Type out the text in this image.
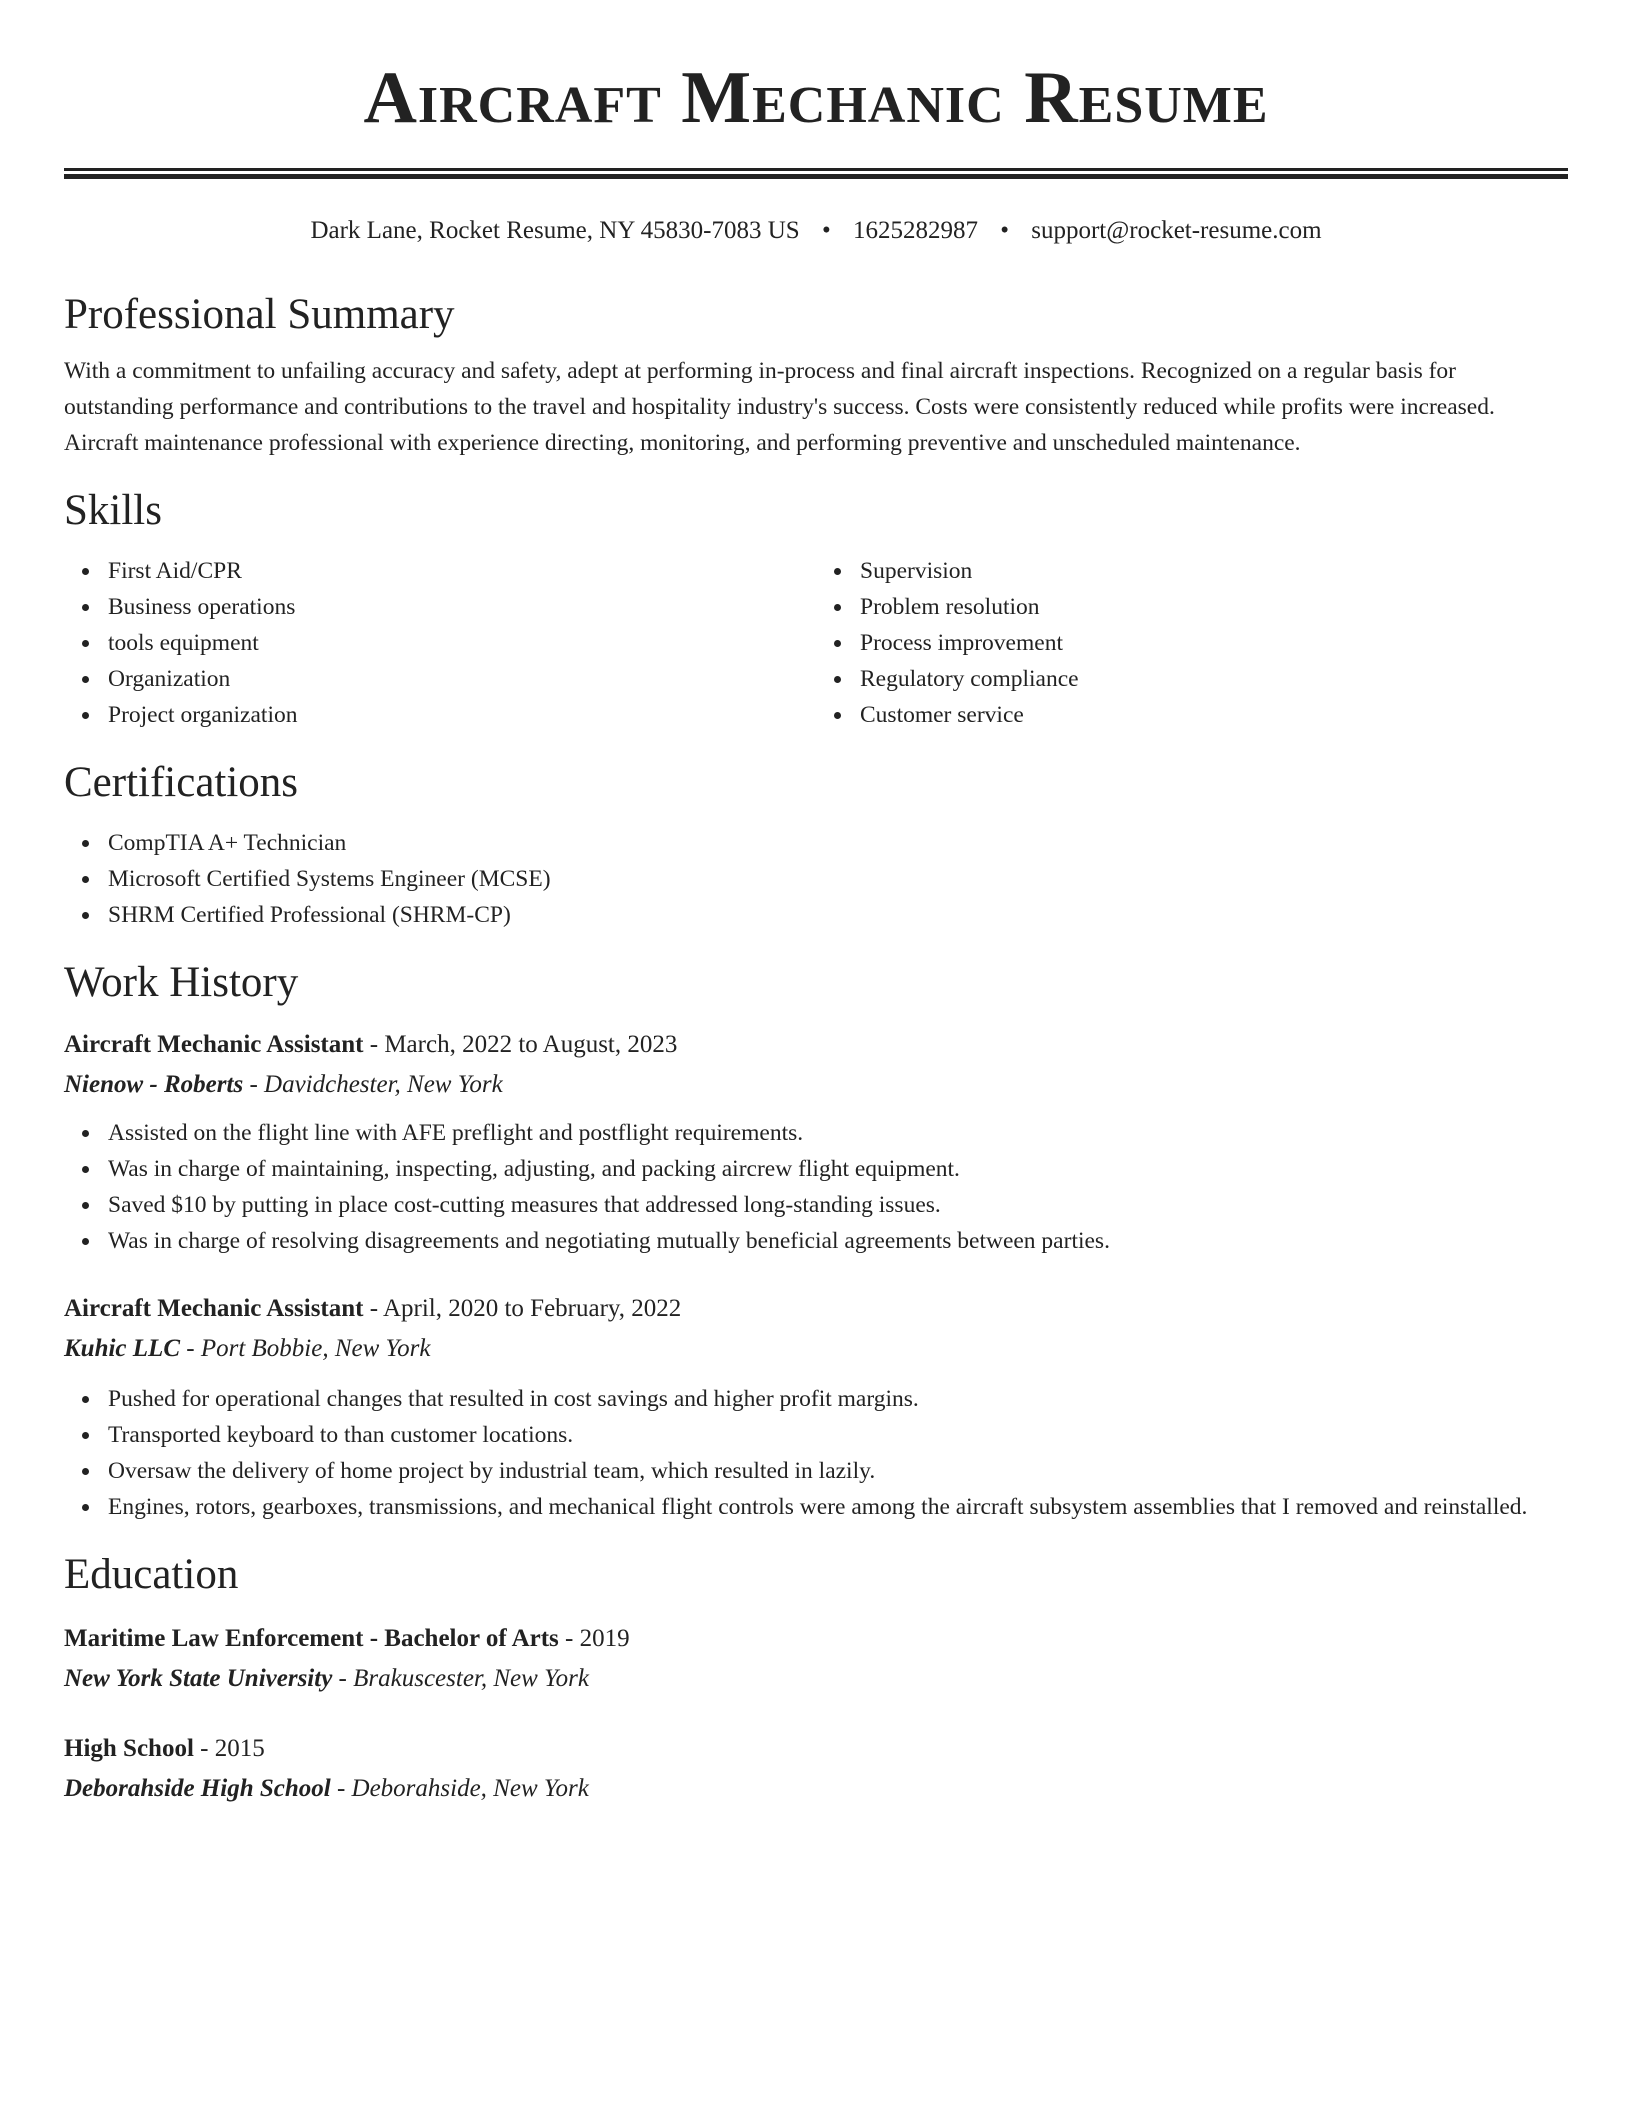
Aircraft Mechanic Resume
Dark Lane, Rocket Resume, NY 45830-7083 US • 1625282987 • support@rocket-resume.com
Professional Summary

With a commitment to unfailing accuracy and safety, adept at performing in-process and final aircraft inspections. Recognized on a regular basis for outstanding performance and contributions to the travel and hospitality industry's success. Costs were consistently reduced while profits were increased. Aircraft maintenance professional with experience directing, monitoring, and performing preventive and unscheduled maintenance.

Skills
First Aid/CPR
Business operations
tools equipment
Organization
Project organization
Supervision
Problem resolution
Process improvement
Regulatory compliance
Customer service
Certifications
CompTIA A+ Technician
Microsoft Certified Systems Engineer (MCSE)
SHRM Certified Professional (SHRM-CP)
Work History
Aircraft Mechanic Assistant - March, 2022 to August, 2023
Nienow - Roberts - Davidchester, New York
Assisted on the flight line with AFE preflight and postflight requirements.
Was in charge of maintaining, inspecting, adjusting, and packing aircrew flight equipment.
Saved $10 by putting in place cost-cutting measures that addressed long-standing issues.
Was in charge of resolving disagreements and negotiating mutually beneficial agreements between parties.
Aircraft Mechanic Assistant - April, 2020 to February, 2022
Kuhic LLC - Port Bobbie, New York
Pushed for operational changes that resulted in cost savings and higher profit margins.
Transported keyboard to than customer locations.
Oversaw the delivery of home project by industrial team, which resulted in lazily.
Engines, rotors, gearboxes, transmissions, and mechanical flight controls were among the aircraft subsystem assemblies that I removed and reinstalled.
Education
Maritime Law Enforcement - Bachelor of Arts - 2019
New York State University - Brakuscester, New York
High School - 2015
Deborahside High School - Deborahside, New York
